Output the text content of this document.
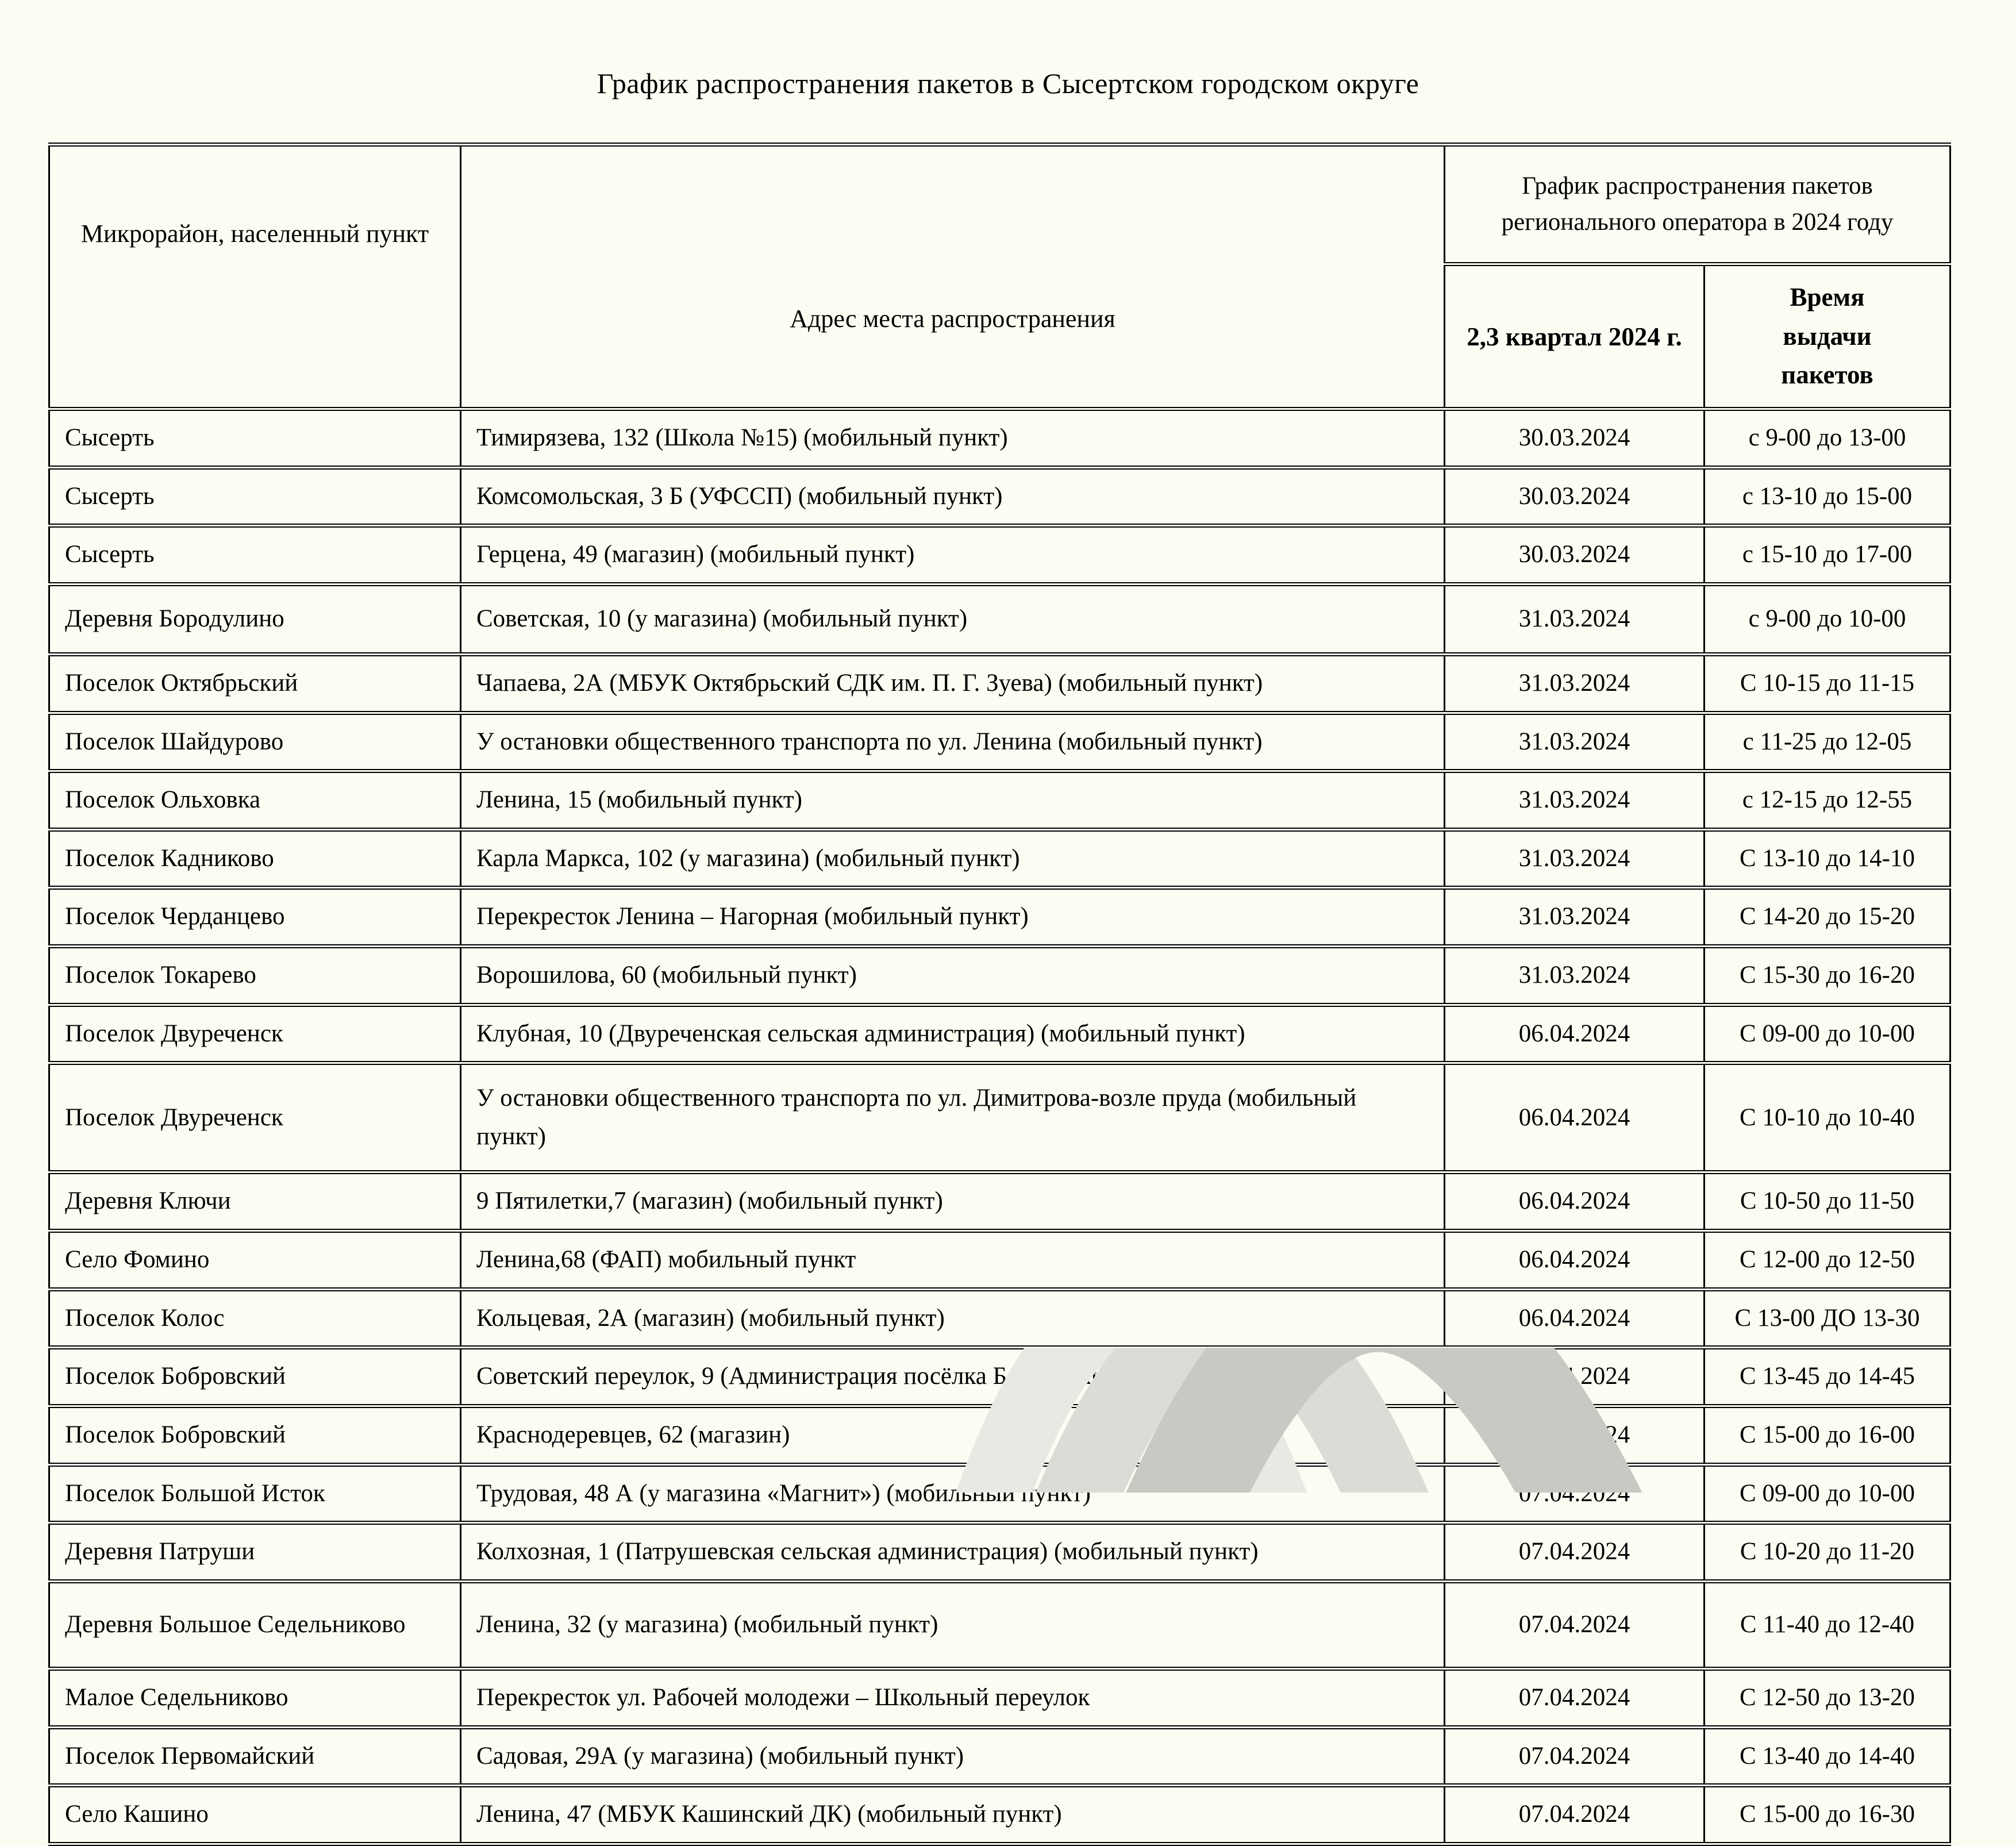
График распространения пакетов в Сысертском городском округе
Микрорайон, населенный пункт	Адрес места распространения	График распространения пакетов регионального оператора в 2024 году	
		2,3 квартал 2024 г.	Время выдачи пакетов
Сысерть	Тимирязева, 132 (Школа №15) (мобильный пункт)	30.03.2024	с 9-00 до 13-00
Сысерть	Комсомольская, 3 Б (УФССП) (мобильный пункт)	30.03.2024	с 13-10 до 15-00
Сысерть	Герцена, 49 (магазин) (мобильный пункт)	30.03.2024	с 15-10 до 17-00
Деревня Бородулино	Советская, 10 (у магазина) (мобильный пункт)	31.03.2024	с 9-00 до 10-00
Поселок Октябрьский	Чапаева, 2А (МБУК Октябрьский СДК им. П. Г. Зуева) (мобильный пункт)	31.03.2024	С 10-15 до 11-15
Поселок Шайдурово	У остановки общественного транспорта по ул. Ленина (мобильный пункт)	31.03.2024	с 11-25 до 12-05
Поселок Ольховка	Ленина, 15 (мобильный пункт)	31.03.2024	с 12-15 до 12-55
Поселок Кадниково	Карла Маркса, 102 (у магазина) (мобильный пункт)	31.03.2024	С 13-10 до 14-10
Поселок Черданцево	Перекресток Ленина – Нагорная (мобильный пункт)	31.03.2024	С 14-20 до 15-20
Поселок Токарево	Ворошилова, 60 (мобильный пункт)	31.03.2024	С 15-30 до 16-20
Поселок Двуреченск	Клубная, 10 (Двуреченская сельская администрация) (мобильный пункт)	06.04.2024	С 09-00 до 10-00
Поселок Двуреченск	У остановки общественного транспорта по ул. Димитрова-возле пруда (мобильный пункт)	06.04.2024	С 10-10 до 10-40
Деревня Ключи	9 Пятилетки,7 (магазин) (мобильный пункт)	06.04.2024	С 10-50 до 11-50
Село Фомино	Ленина,68 (ФАП) мобильный пункт	06.04.2024	С 12-00 до 12-50
Поселок Колос	Кольцевая, 2А (магазин) (мобильный пункт)	06.04.2024	С 13-00 ДО 13-30
Поселок Бобровский	Советский переулок, 9 (Администрация посёлка Бобровский) (мобильный пункт)	06.04.2024	С 13-45 до 14-45
Поселок Бобровский	Краснодеревцев, 62 (магазин)	06.04.2024	С 15-00 до 16-00
Поселок Большой Исток	Трудовая, 48 А (у магазина «Магнит») (мобильный пункт)	07.04.2024	С 09-00 до 10-00
Деревня Патруши	Колхозная, 1 (Патрушевская сельская администрация) (мобильный пункт)	07.04.2024	С 10-20 до 11-20
Деревня Большое Седельниково	Ленина, 32 (у магазина) (мобильный пункт)	07.04.2024	С 11-40 до 12-40
Малое Седельниково	Перекресток ул. Рабочей молодежи – Школьный переулок	07.04.2024	С 12-50 до 13-20
Поселок Первомайский	Садовая, 29А (у магазина) (мобильный пункт)	07.04.2024	С 13-40 до 14-40
Село Кашино	Ленина, 47 (МБУК Кашинский ДК) (мобильный пункт)	07.04.2024	С 15-00 до 16-30
